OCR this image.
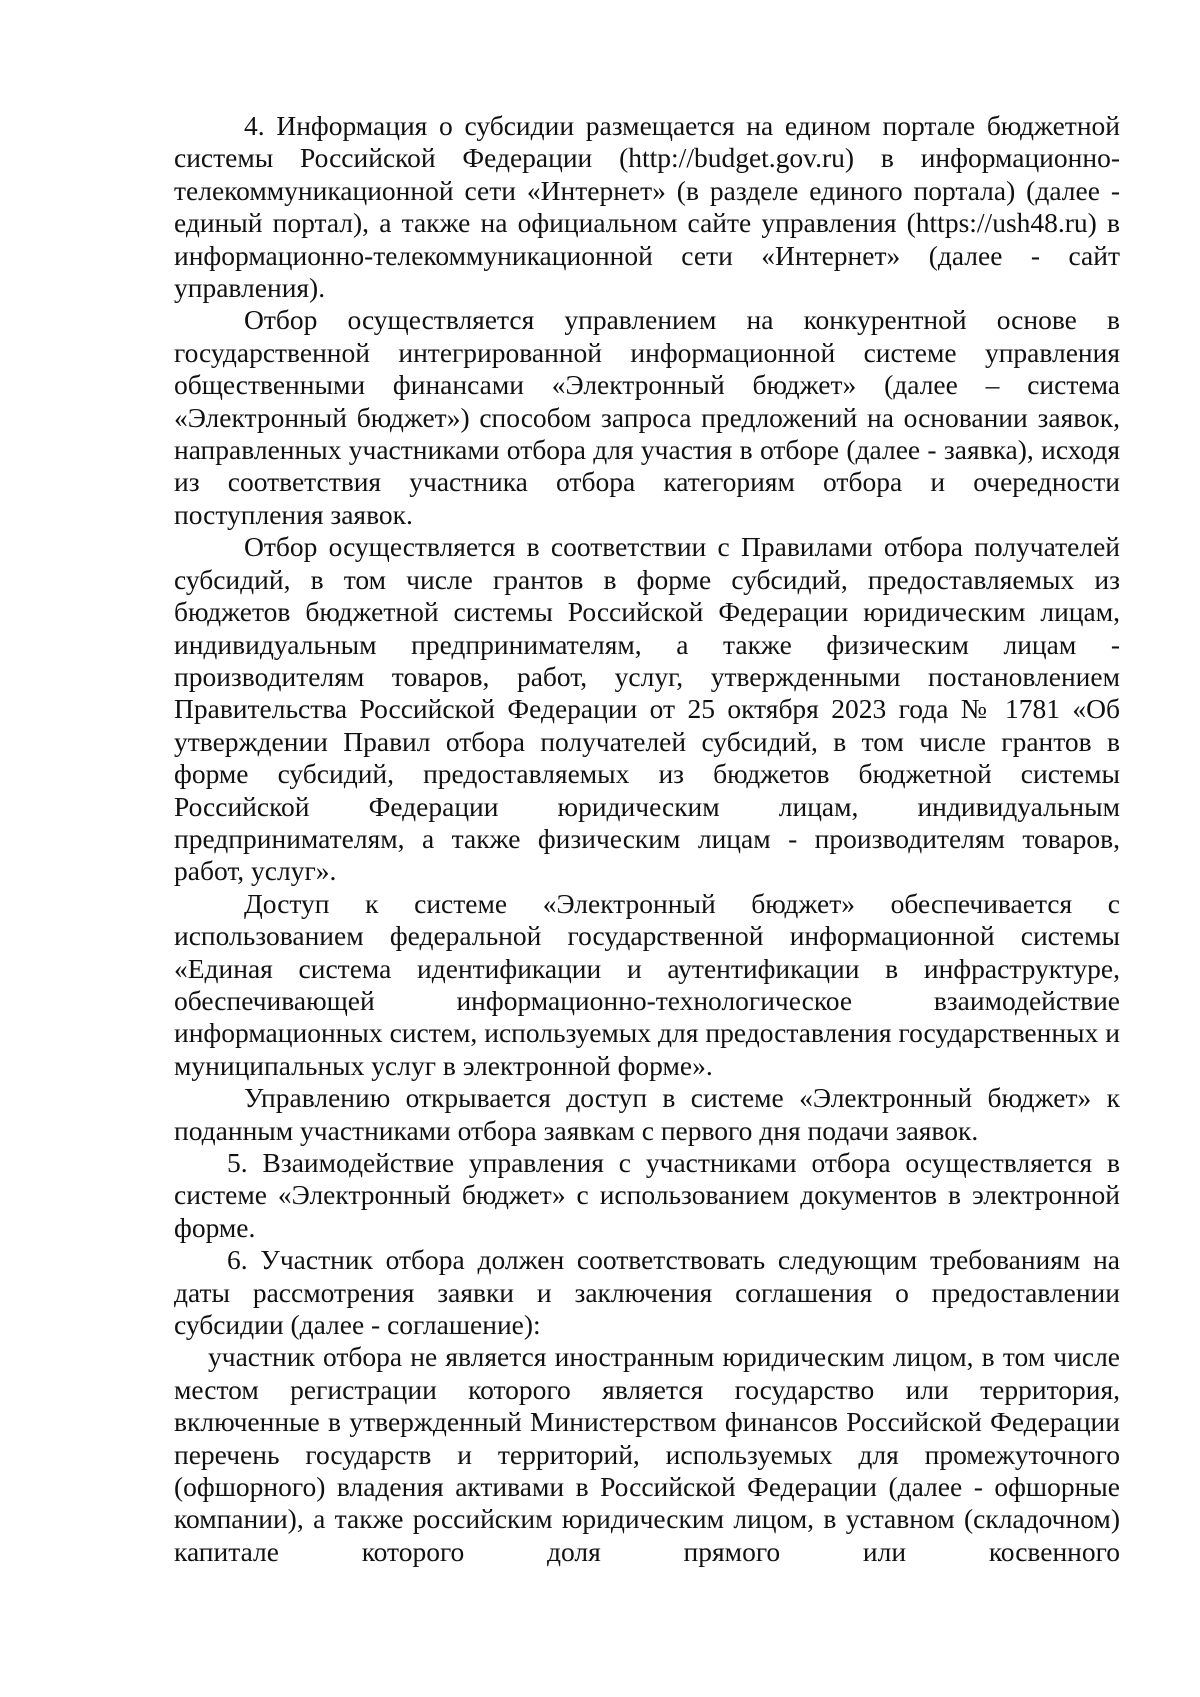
4. Информация о субсидии размещается на едином портале бюджетной системы Российской Федерации (http://budget.gov.ru) в информационно-телекоммуникационной сети «Интернет» (в разделе единого портала) (далее - единый портал), а также на официальном сайте управления (https://ush48.ru) в информационно-телекоммуникационной сети «Интернет» (далее - сайт управления).

Отбор осуществляется управлением на конкурентной основе в государственной интегрированной информационной системе управления общественными финансами «Электронный бюджет» (далее – система «Электронный бюджет») способом запроса предложений на основании заявок, направленных участниками отбора для участия в отборе (далее - заявка), исходя из соответствия участника отбора категориям отбора и очередности поступления заявок.

Отбор осуществляется в соответствии с Правилами отбора получателей субсидий, в том числе грантов в форме субсидий, предоставляемых из бюджетов бюджетной системы Российской Федерации юридическим лицам, индивидуальным предпринимателям, а также физическим лицам - производителям товаров, работ, услуг, утвержденными постановлением Правительства Российской Федерации от 25 октября 2023 года № 1781 «Об утверждении Правил отбора получателей субсидий, в том числе грантов в форме субсидий, предоставляемых из бюджетов бюджетной системы Российской Федерации юридическим лицам, индивидуальным предпринимателям, а также физическим лицам - производителям товаров, работ, услуг».

Доступ к системе «Электронный бюджет» обеспечивается с использованием федеральной государственной информационной системы «Единая система идентификации и аутентификации в инфраструктуре, обеспечивающей информационно-технологическое взаимодействие информационных систем, используемых для предоставления государственных и муниципальных услуг в электронной форме».

Управлению открывается доступ в системе «Электронный бюджет» к поданным участниками отбора заявкам с первого дня подачи заявок.

5. Взаимодействие управления с участниками отбора осуществляется в системе «Электронный бюджет» с использованием документов в электронной форме.

6. Участник отбора должен соответствовать следующим требованиям на даты рассмотрения заявки и заключения соглашения о предоставлении субсидии (далее - соглашение):

участник отбора не является иностранным юридическим лицом, в том числе местом регистрации которого является государство или территория, включенные в утвержденный Министерством финансов Российской Федерации перечень государств и территорий, используемых для промежуточного (офшорного) владения активами в Российской Федерации (далее - офшорные компании), а также российским юридическим лицом, в уставном (складочном) капитале которого доля прямого или косвенного
